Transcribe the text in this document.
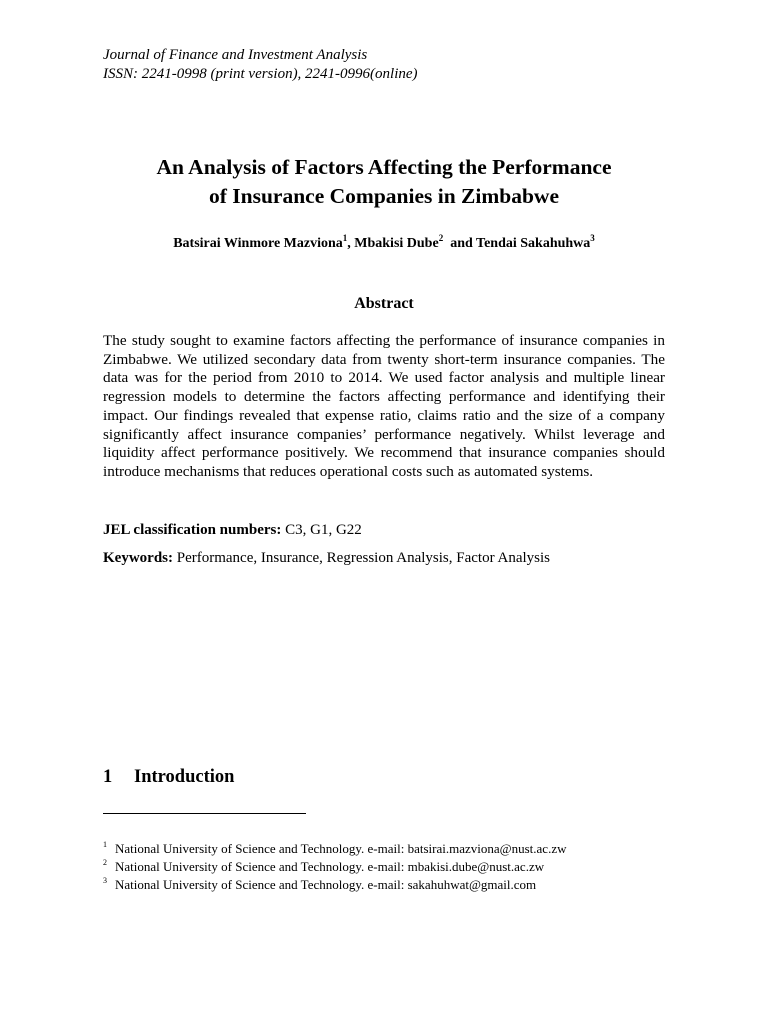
Journal of Finance and Investment Analysis
ISSN: 2241-0998 (print version), 2241-0996(online)
An Analysis of Factors Affecting the Performance
of Insurance Companies in Zimbabwe
Batsirai Winmore Mazviona$^1$, Mbakisi Dube$^2$  and Tendai Sakahuhwa$^3$
Abstract
The study sought to examine factors affecting the performance of insurance companies in Zimbabwe. We utilized secondary data from twenty short-term insurance companies. The data was for the period from 2010 to 2014. We used factor analysis and multiple linear regression models to determine the factors affecting performance and identifying their impact. Our findings revealed that expense ratio, claims ratio and the size of a company significantly affect insurance companies’ performance negatively. Whilst leverage and liquidity affect performance positively. We recommend that insurance companies should introduce mechanisms that reduces operational costs such as automated systems.
JEL classification numbers: C3, G1, G22
Keywords: Performance, Insurance, Regression Analysis, Factor Analysis
1 Introduction
$^1$ National University of Science and Technology. e-mail: batsirai.mazviona@nust.ac.zw
$^2$ National University of Science and Technology. e-mail: mbakisi.dube@nust.ac.zw
$^3$ National University of Science and Technology. e-mail: sakahuhwat@gmail.com
